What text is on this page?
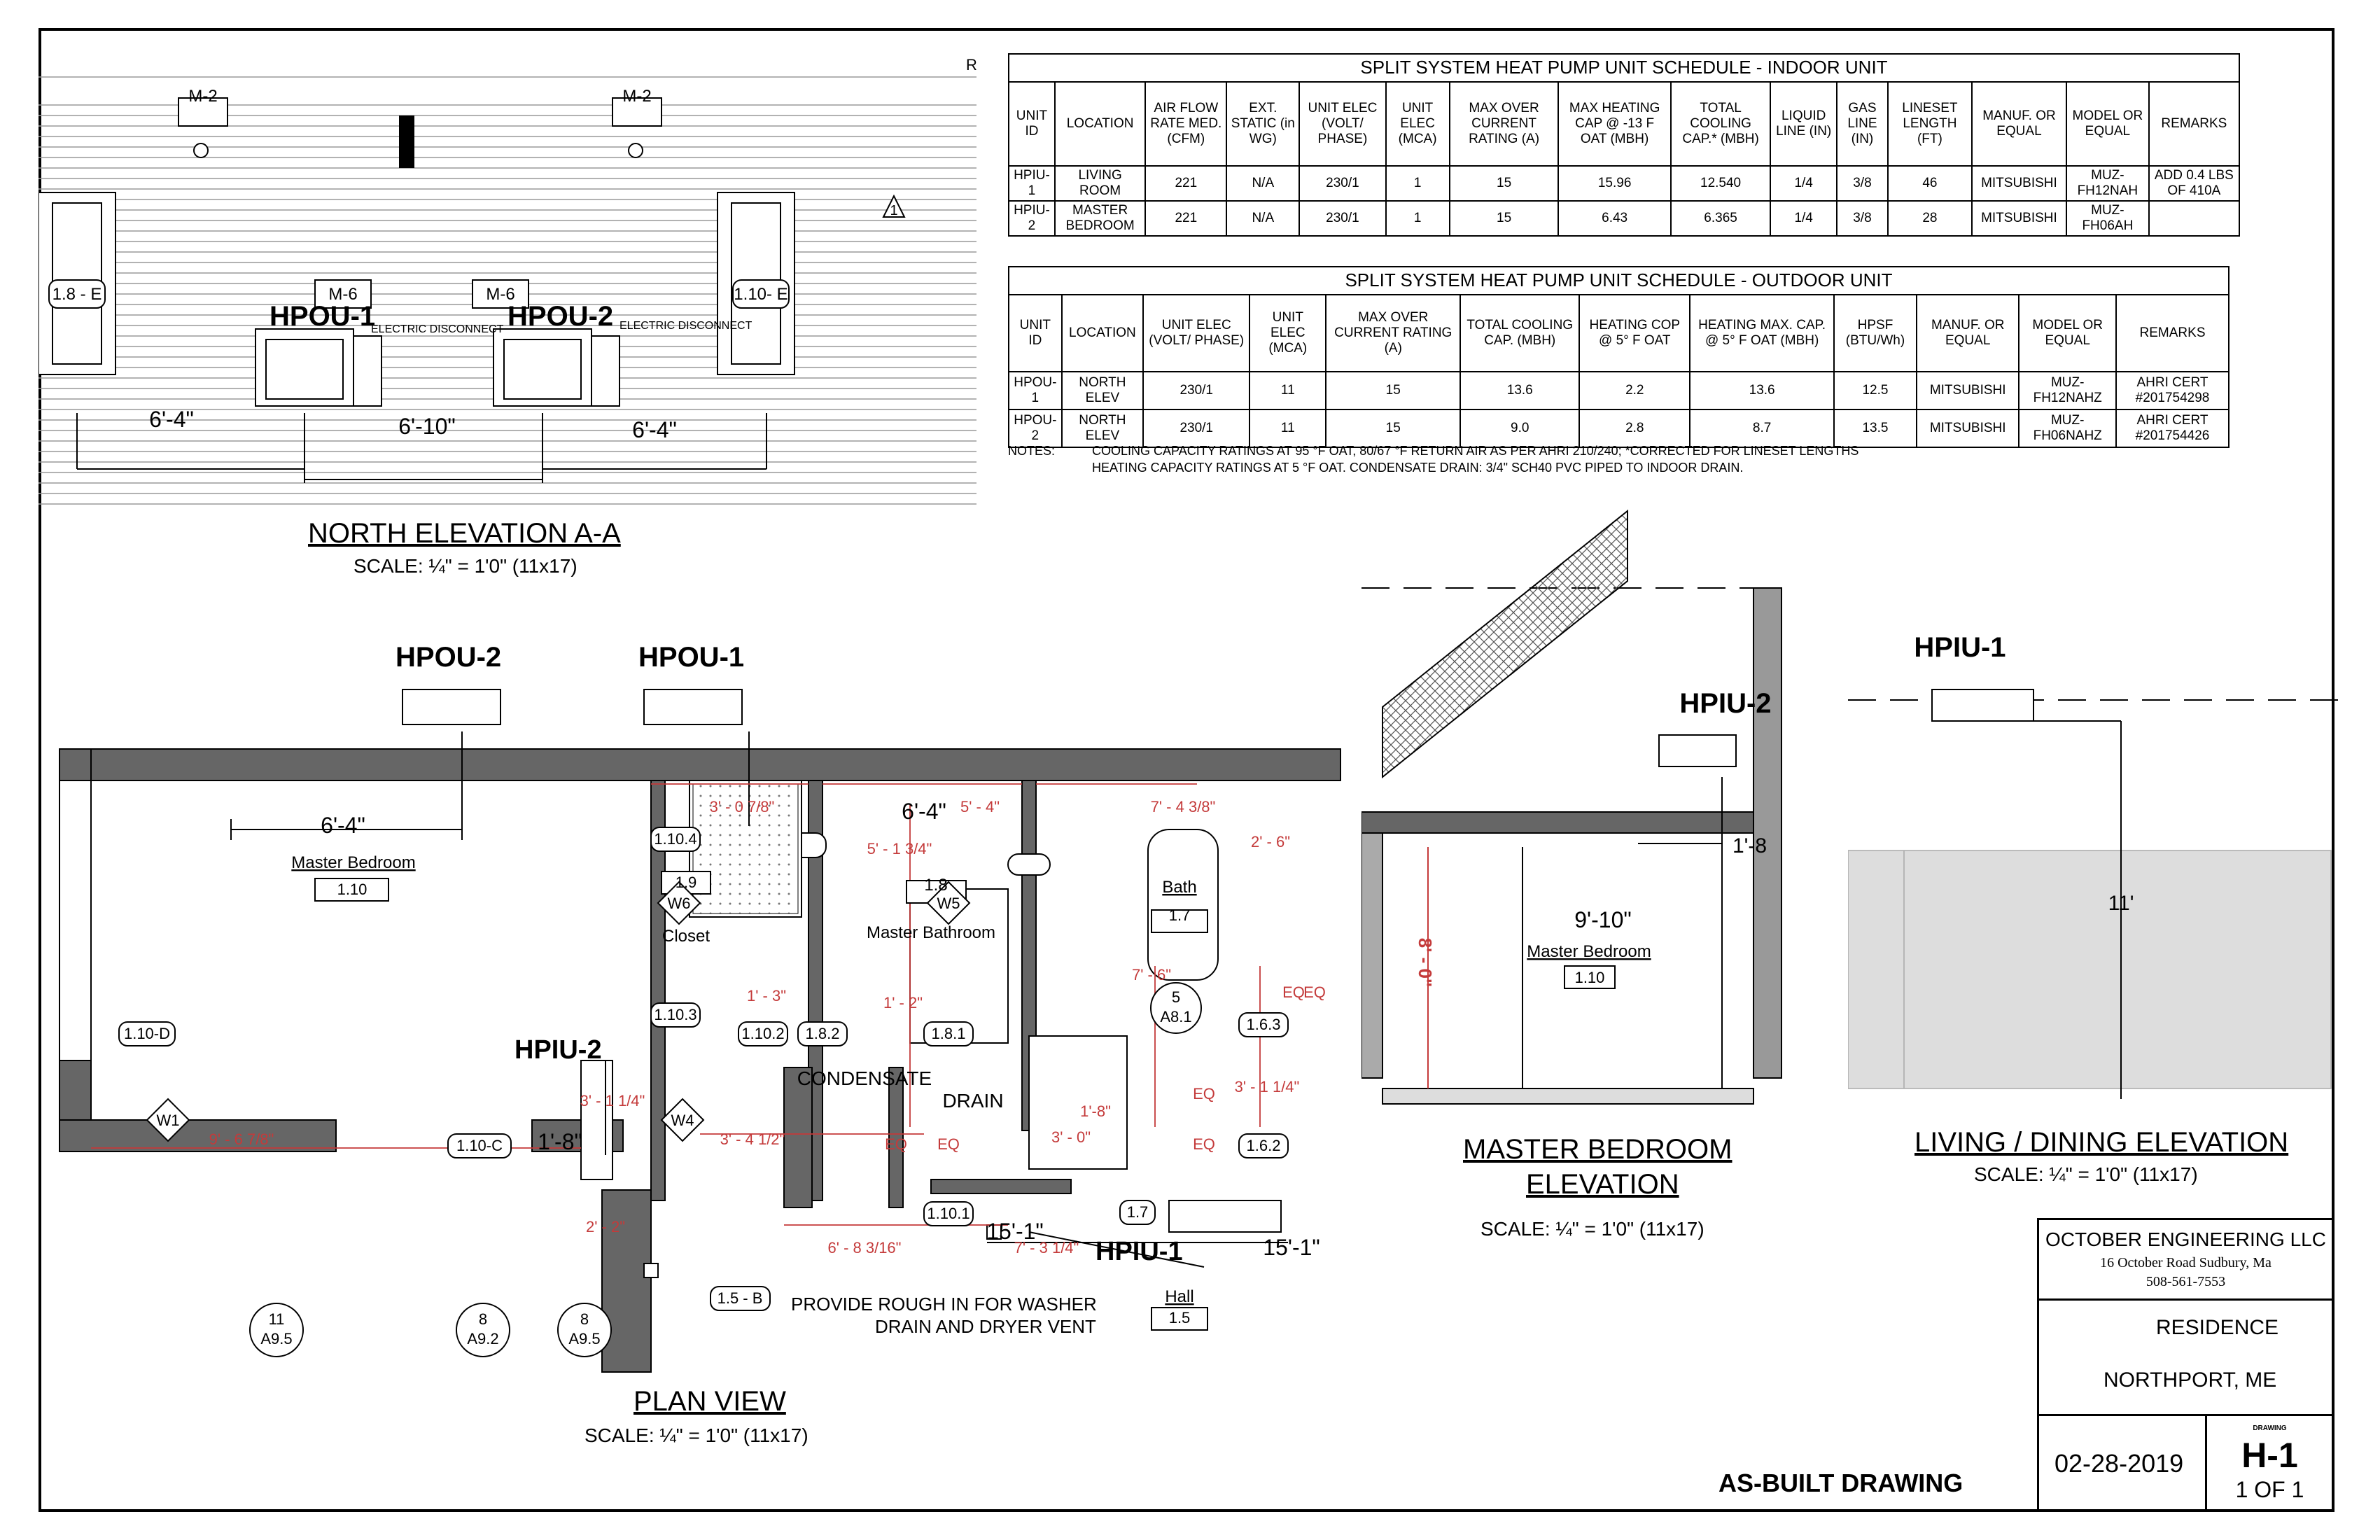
SPLIT SYSTEM HEAT PUMP UNIT SCHEDULE - INDOOR UNIT														
UNIT ID	LOCATION	AIR FLOW RATE MED. (CFM)	EXT. STATIC (in WG)	UNIT ELEC (VOLT/ PHASE)	UNIT ELEC (MCA)	MAX OVER CURRENT RATING (A)	MAX HEATING CAP @ -13 F OAT (MBH)	TOTAL COOLING CAP.* (MBH)	LIQUID LINE (IN)	GAS LINE (IN)	LINESET LENGTH (FT)	MANUF. OR EQUAL	MODEL OR EQUAL	REMARKS
HPIU-1	LIVING ROOM	221	N/A	230/1	1	15	15.96	12.540	1/4	3/8	46	MITSUBISHI	MUZ-FH12NAH	ADD 0.4 LBS OF 410A
HPIU-2	MASTER BEDROOM	221	N/A	230/1	1	15	6.43	6.365	1/4	3/8	28	MITSUBISHI	MUZ-FH06AH	
SPLIT SYSTEM HEAT PUMP UNIT SCHEDULE - OUTDOOR UNIT											
UNIT ID	LOCATION	UNIT ELEC (VOLT/ PHASE)	UNIT ELEC (MCA)	MAX OVER CURRENT RATING (A)	TOTAL COOLING CAP. (MBH)	HEATING COP @ 5° F OAT	HEATING MAX. CAP. @ 5° F OAT (MBH)	HPSF (BTU/Wh)	MANUF. OR EQUAL	MODEL OR EQUAL	REMARKS
HPOU-1	NORTH ELEV	230/1	11	15	13.6	2.2	13.6	12.5	MITSUBISHI	MUZ-FH12NAHZ	AHRI CERT #201754298
HPOU-2	NORTH ELEV	230/1	11	15	9.0	2.8	8.7	13.5	MITSUBISHI	MUZ-FH06NAHZ	AHRI CERT #201754426
NOTES:	COOLING CAPACITY RATINGS AT 95 °F OAT, 80/67 °F RETURN AIR AS PER AHRI 210/240; *CORRECTED FOR LINESET LENGTHS
HEATING CAPACITY RATINGS AT 5 °F OAT. CONDENSATE DRAIN: 3/4" SCH40 PVC PIPED TO INDOOR DRAIN.
1
R
M-2	M-2
M-6	M-6
1.8 - E	1.10- E
HPOU-1	HPOU-2
ELECTRIC DISCONNECT	ELECTRIC DISCONNECT
6'-4"	6'-10"	6'-4"
NORTH ELEVATION A-A
SCALE: ¼" = 1'0" (11x17)
1.10
Master Bedroom
1.9
Closet
1.8
Master Bathroom
1.7
Bath
1.5
Hall
HPOU-2	HPOU-1
HPIU-2
HPIU-1
6'-4"
6'-4"
1'-8"
15'-1"
15'-1"
CONDENSATE
DRAIN
PROVIDE ROUGH IN FOR WASHER
DRAIN AND DRYER VENT
1.10.4
W6	W5
1.10.3
1.10.2 1.8.2	1.8.1
1.10-D
W1	W4
1.10-C
1.10.1	1.7
1.6.3
1.6.2
1.5 - B
A8.1
5
11
A9.5
8
A9.2
8
A9.5
3' - 0 7/8"	5' - 4"	7' - 4 3/8"
2' - 6"
5' - 1 3/4"
1' - 3"	1' - 2"
7' - 6"
3' - 4 1/2"
9' - 6 7/8"
3' - 1 1/4"
1'-8"
3' - 0"
3' - 1 1/4"
6' - 8 3/16"	7' - 3 1/4"
2' - 2"
EQ EQ
EQ
EQ
EQ
EQ
PLAN VIEW
SCALE: ¼" = 1'0" (11x17)
HPIU-2
1'-8
9'-10"
8' - 0"	Master Bedroom
1.10
MASTER BEDROOM
ELEVATION
SCALE: ¼" = 1'0" (11x17)
HPIU-1
11'
LIVING / DINING ELEVATION
SCALE: ¼" = 1'0" (11x17)
OCTOBER ENGINEERING LLC
16 October Road Sudbury, Ma
508-561-7553
RESIDENCE
NORTHPORT, ME
02-28-2019
DRAWING
H-1
1 OF 1
AS-BUILT DRAWING
